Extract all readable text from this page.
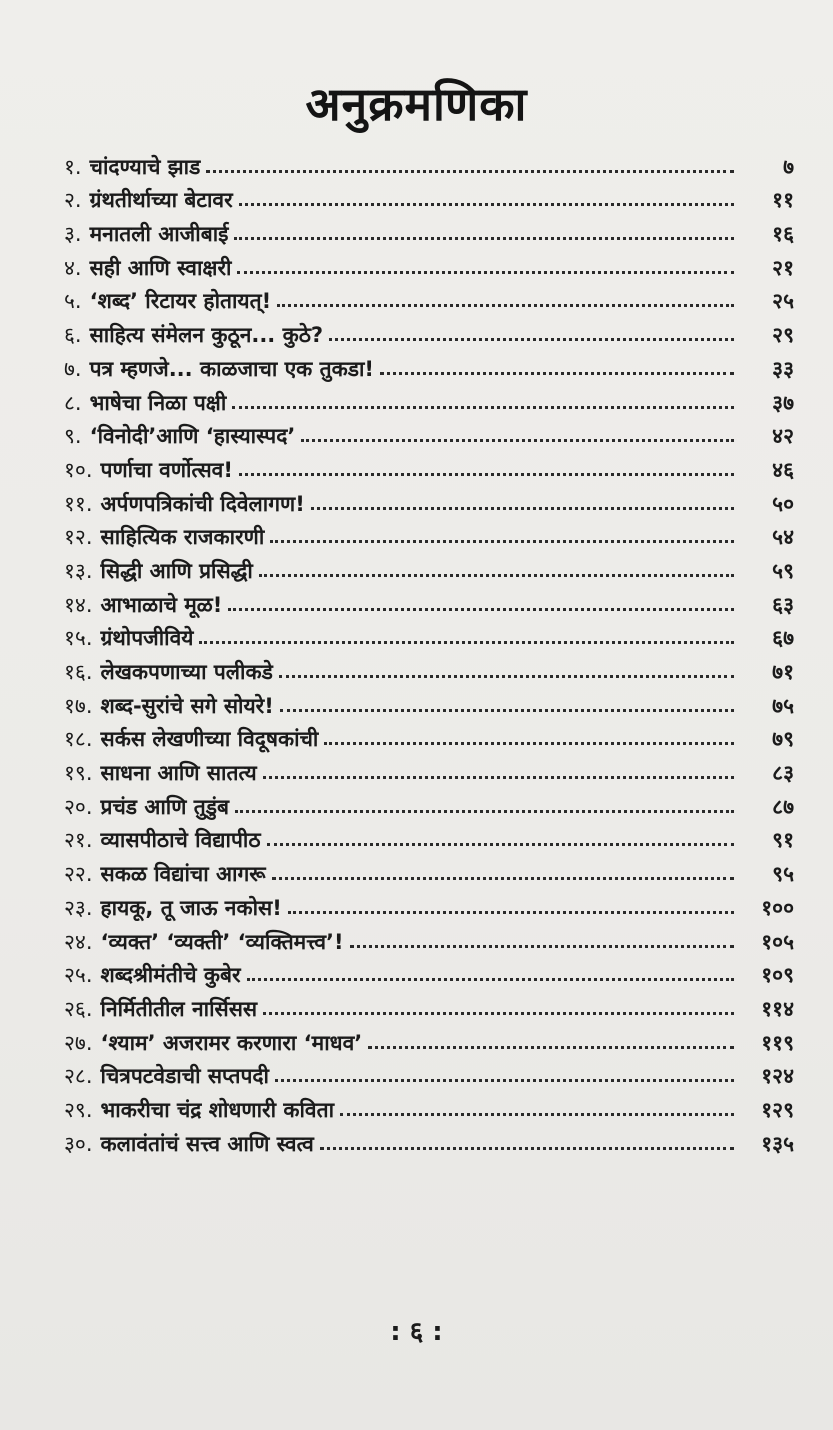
अनुक्रमणिका
१. चांदण्याचे झाड	७
२. ग्रंथतीर्थाच्या बेटावर	११
३. मनातली आजीबाई	१६
४. सही आणि स्वाक्षरी	२१
५. ‘शब्द’ रिटायर होतायत्!	२५
६. साहित्य संमेलन कुठून... कुठे?	२९
७. पत्र म्हणजे... काळजाचा एक तुकडा!	३३
८. भाषेचा निळा पक्षी	३७
९. ‘विनोदी’आणि ‘हास्यास्पद’	४२
१०. पर्णाचा वर्णोत्सव!	४६
११. अर्पणपत्रिकांची दिवेलागण!	५०
१२. साहित्यिक राजकारणी	५४
१३. सिद्धी आणि प्रसिद्धी	५९
१४. आभाळाचे मूळ!	६३
१५. ग्रंथोपजीविये	६७
१६. लेखकपणाच्या पलीकडे	७१
१७. शब्द-सुरांचे सगे सोयरे!	७५
१८. सर्कस लेखणीच्या विदूषकांची	७९
१९. साधना आणि सातत्य	८३
२०. प्रचंड आणि तुडुंब	८७
२१. व्यासपीठाचे विद्यापीठ	९१
२२. सकळ विद्यांचा आगरू	९५
२३. हायकू, तू जाऊ नकोस!	१००
२४. ‘व्यक्त’ ‘व्यक्ती’ ‘व्यक्तिमत्त्व’!	१०५
२५. शब्दश्रीमंतीचे कुबेर	१०९
२६. निर्मितीतील नार्सिसस	११४
२७. ‘श्याम’ अजरामर करणारा ‘माधव’	११९
२८. चित्रपटवेडाची सप्तपदी	१२४
२९. भाकरीचा चंद्र शोधणारी कविता	१२९
३०. कलावंतांचं सत्त्व आणि स्वत्व	१३५
: ६ :
